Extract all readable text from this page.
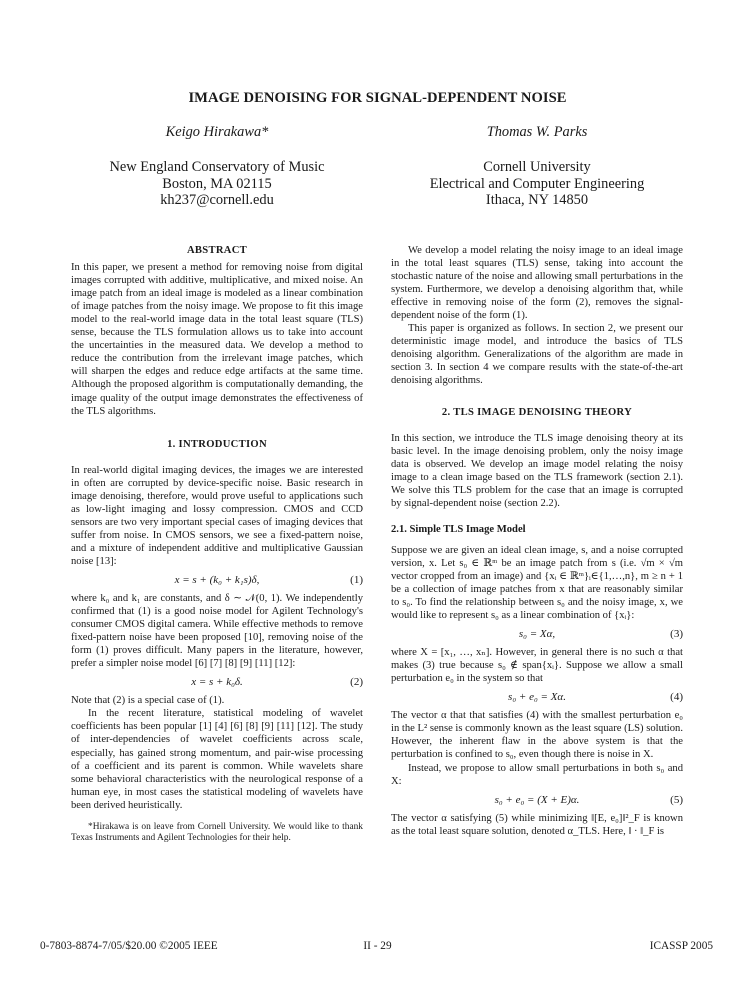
IMAGE DENOISING FOR SIGNAL-DEPENDENT NOISE
Keigo Hirakawa*	Thomas W. Parks
New England Conservatory of Music
Boston, MA 02115
kh237@cornell.edu
Cornell University
Electrical and Computer Engineering
Ithaca, NY 14850
ABSTRACT

In this paper, we present a method for removing noise from digital images corrupted with additive, multiplicative, and mixed noise. An image patch from an ideal image is modeled as a linear combination of image patches from the noisy image. We propose to fit this image model to the real-world image data in the total least square (TLS) sense, because the TLS formulation allows us to take into account the uncertainties in the measured data. We develop a method to reduce the contribution from the irrelevant image patches, which will sharpen the edges and reduce edge artifacts at the same time. Although the proposed algorithm is computationally demanding, the image quality of the output image demonstrates the effectiveness of the TLS algorithms.

1. INTRODUCTION

In real-world digital imaging devices, the images we are interested in often are corrupted by device-specific noise. Basic research in image denoising, therefore, would prove useful to applications such as low-light imaging and lossy compression. CMOS and CCD sensors are two very important special cases of imaging devices that suffer from noise. In CMOS sensors, we see a fixed-pattern noise, and a mixture of independent additive and multiplicative Gaussian noise [13]:

x = s + (k₀ + k₁s)δ,	(1)

where k₀ and k₁ are constants, and δ ∼ 𝒩(0, 1). We independently confirmed that (1) is a good noise model for Agilent Technology's consumer CMOS digital camera. While effective methods to remove fixed-pattern noise have been proposed [10], removing noise of the form (1) proves difficult. Many papers in the literature, however, prefer a simpler noise model [6] [7] [8] [9] [11] [12]:

x = s + k₀δ.	(2)

Note that (2) is a special case of (1).

In the recent literature, statistical modeling of wavelet coefficients has been popular [1] [4] [6] [8] [9] [11] [12]. The study of inter-dependencies of wavelet coefficients across scale, especially, has gained strong momentum, and pair-wise processing of a coefficient and its parent is common. While wavelets share some behavioral characteristics with the neurological response of a human eye, in most cases the statistical modeling of wavelets have been derived heuristically.

*Hirakawa is on leave from Cornell University. We would like to thank Texas Instruments and Agilent Technologies for their help.

We develop a model relating the noisy image to an ideal image in the total least squares (TLS) sense, taking into account the stochastic nature of the noise and allowing small perturbations in the system. Furthermore, we develop a denoising algorithm that, while effective in removing noise of the form (2), removes the signal-dependent noise of the form (1).

This paper is organized as follows. In section 2, we present our deterministic image model, and introduce the basics of TLS denoising algorithm. Generalizations of the algorithm are made in section 3. In section 4 we compare results with the state-of-the-art denoising algorithms.

2. TLS IMAGE DENOISING THEORY

In this section, we introduce the TLS image denoising theory at its basic level. In the image denoising problem, only the noisy image data is observed. We develop an image model relating the noisy image to a clean image based on the TLS framework (section 2.1). We solve this TLS problem for the case that an image is corrupted by signal-dependent noise (section 2.2).

2.1. Simple TLS Image Model

Suppose we are given an ideal clean image, s, and a noise corrupted version, x. Let s₀ ∈ ℝᵐ be an image patch from s (i.e. √m × √m vector cropped from an image) and {xᵢ ∈ ℝᵐ}ᵢ∈{1,…,n}, m ≥ n + 1 be a collection of image patches from x that are reasonably similar to s₀. To find the relationship between s₀ and the noisy image, x, we would like to represent s₀ as a linear combination of {xᵢ}:

s₀ = Xα,	(3)

where X = [x₁, …, xₙ]. However, in general there is no such α that makes (3) true because s₀ ∉ span{xᵢ}. Suppose we allow a small perturbation e₀ in the system so that

s₀ + e₀ = Xα.	(4)

The vector α that that satisfies (4) with the smallest perturbation e₀ in the L² sense is commonly known as the least square (LS) solution. However, the inherent flaw in the above system is that the perturbation is confined to s₀, even though there is noise in X.

Instead, we propose to allow small perturbations in both s₀ and X:

s₀ + e₀ = (X + E)α.	(5)

The vector α satisfying (5) while minimizing ‖[E, e₀]‖²_F is known as the total least square solution, denoted α_TLS. Here, ‖ · ‖_F is

0-7803-8874-7/05/$20.00 ©2005 IEEE	II - 29	ICASSP 2005
